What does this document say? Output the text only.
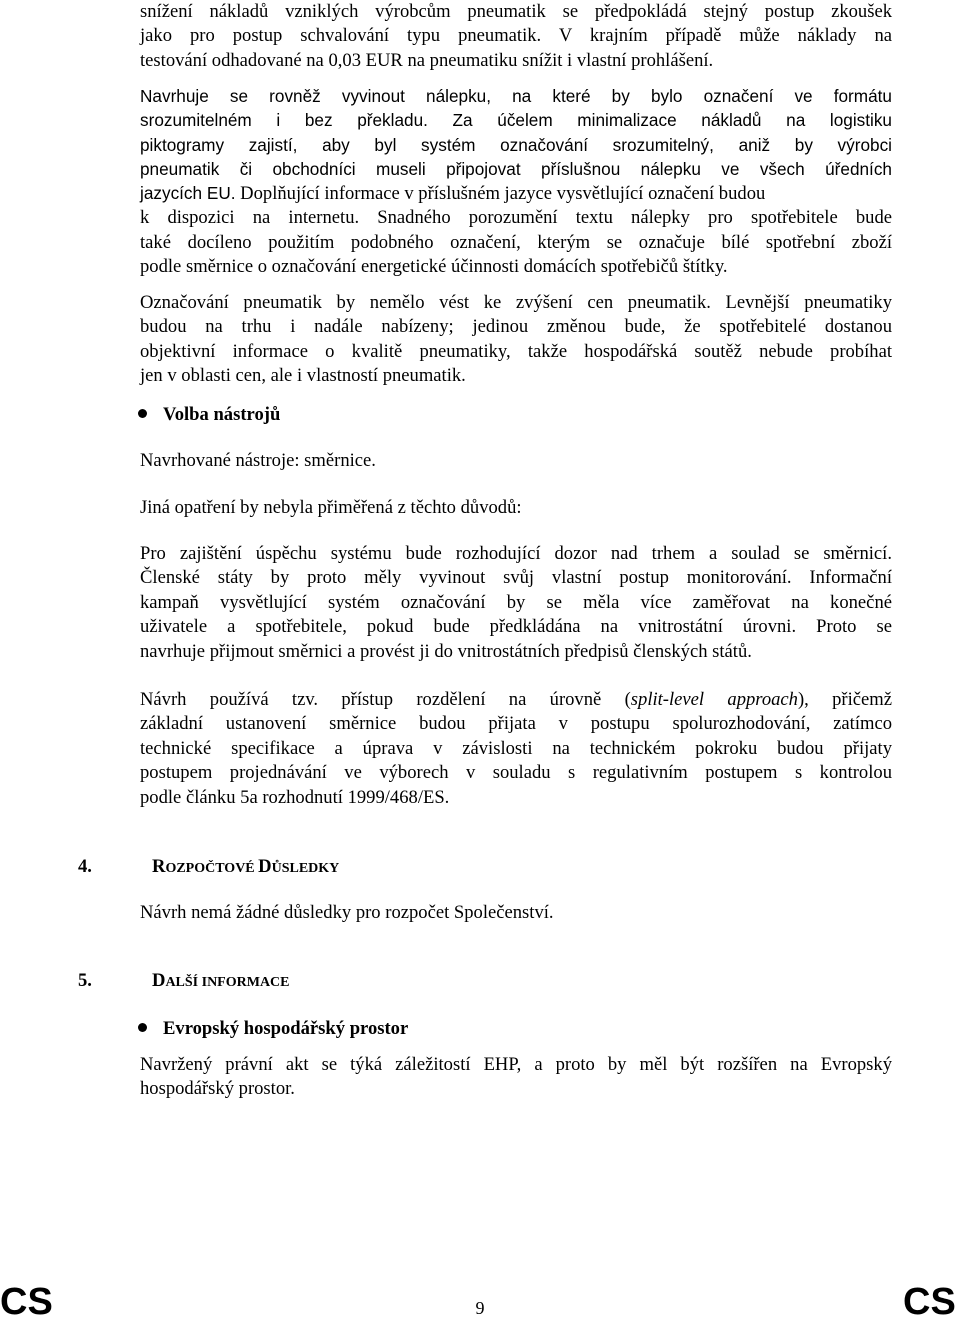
snížení nákladů vzniklých výrobcům pneumatik se předpokládá stejný postup zkoušek
jako pro postup schvalování typu pneumatik. V krajním případě může náklady na
testování odhadované na 0,03 EUR na pneumatiku snížit i vlastní prohlášení.
Navrhuje se rovněž vyvinout nálepku, na které by bylo označení ve formátu
srozumitelném i bez překladu. Za účelem minimalizace nákladů na logistiku
piktogramy zajistí, aby byl systém označování srozumitelný, aniž by výrobci
pneumatik či obchodníci museli připojovat příslušnou nálepku ve všech úředních
jazycích EU. Doplňující informace v příslušném jazyce vysvětlující označení budou
k dispozici na internetu. Snadného porozumění textu nálepky pro spotřebitele bude
také docíleno použitím podobného označení, kterým se označuje bílé spotřební zboží
podle směrnice o označování energetické účinnosti domácích spotřebičů štítky.
Označování pneumatik by nemělo vést ke zvýšení cen pneumatik. Levnější pneumatiky
budou na trhu i nadále nabízeny; jedinou změnou bude, že spotřebitelé dostanou
objektivní informace o kvalitě pneumatiky, takže hospodářská soutěž nebude probíhat
jen v oblasti cen, ale i vlastností pneumatik.
Volba nástrojů
Navrhované nástroje: směrnice.
Jiná opatření by nebyla přiměřená z těchto důvodů:
Pro zajištění úspěchu systému bude rozhodující dozor nad trhem a soulad se směrnicí.
Členské státy by proto měly vyvinout svůj vlastní postup monitorování. Informační
kampaň vysvětlující systém označování by se měla více zaměřovat na konečné
uživatele a spotřebitele, pokud bude předkládána na vnitrostátní úrovni. Proto se
navrhuje přijmout směrnici a provést ji do vnitrostátních předpisů členských států.
Návrh používá tzv. přístup rozdělení na úrovně (split-level approach), přičemž
základní ustanovení směrnice budou přijata v postupu spolurozhodování, zatímco
technické specifikace a úprava v závislosti na technickém pokroku budou přijaty
postupem projednávání ve výborech v souladu s regulativním postupem s kontrolou
podle článku 5a rozhodnutí 1999/468/ES.
4.	ROZPOČTOVÉ DŮSLEDKY
Návrh nemá žádné důsledky pro rozpočet Společenství.
5.	DALŠÍ INFORMACE
Evropský hospodářský prostor
Navržený právní akt se týká záležitostí EHP, a proto by měl být rozšířen na Evropský
hospodářský prostor.
CS	9	CS
